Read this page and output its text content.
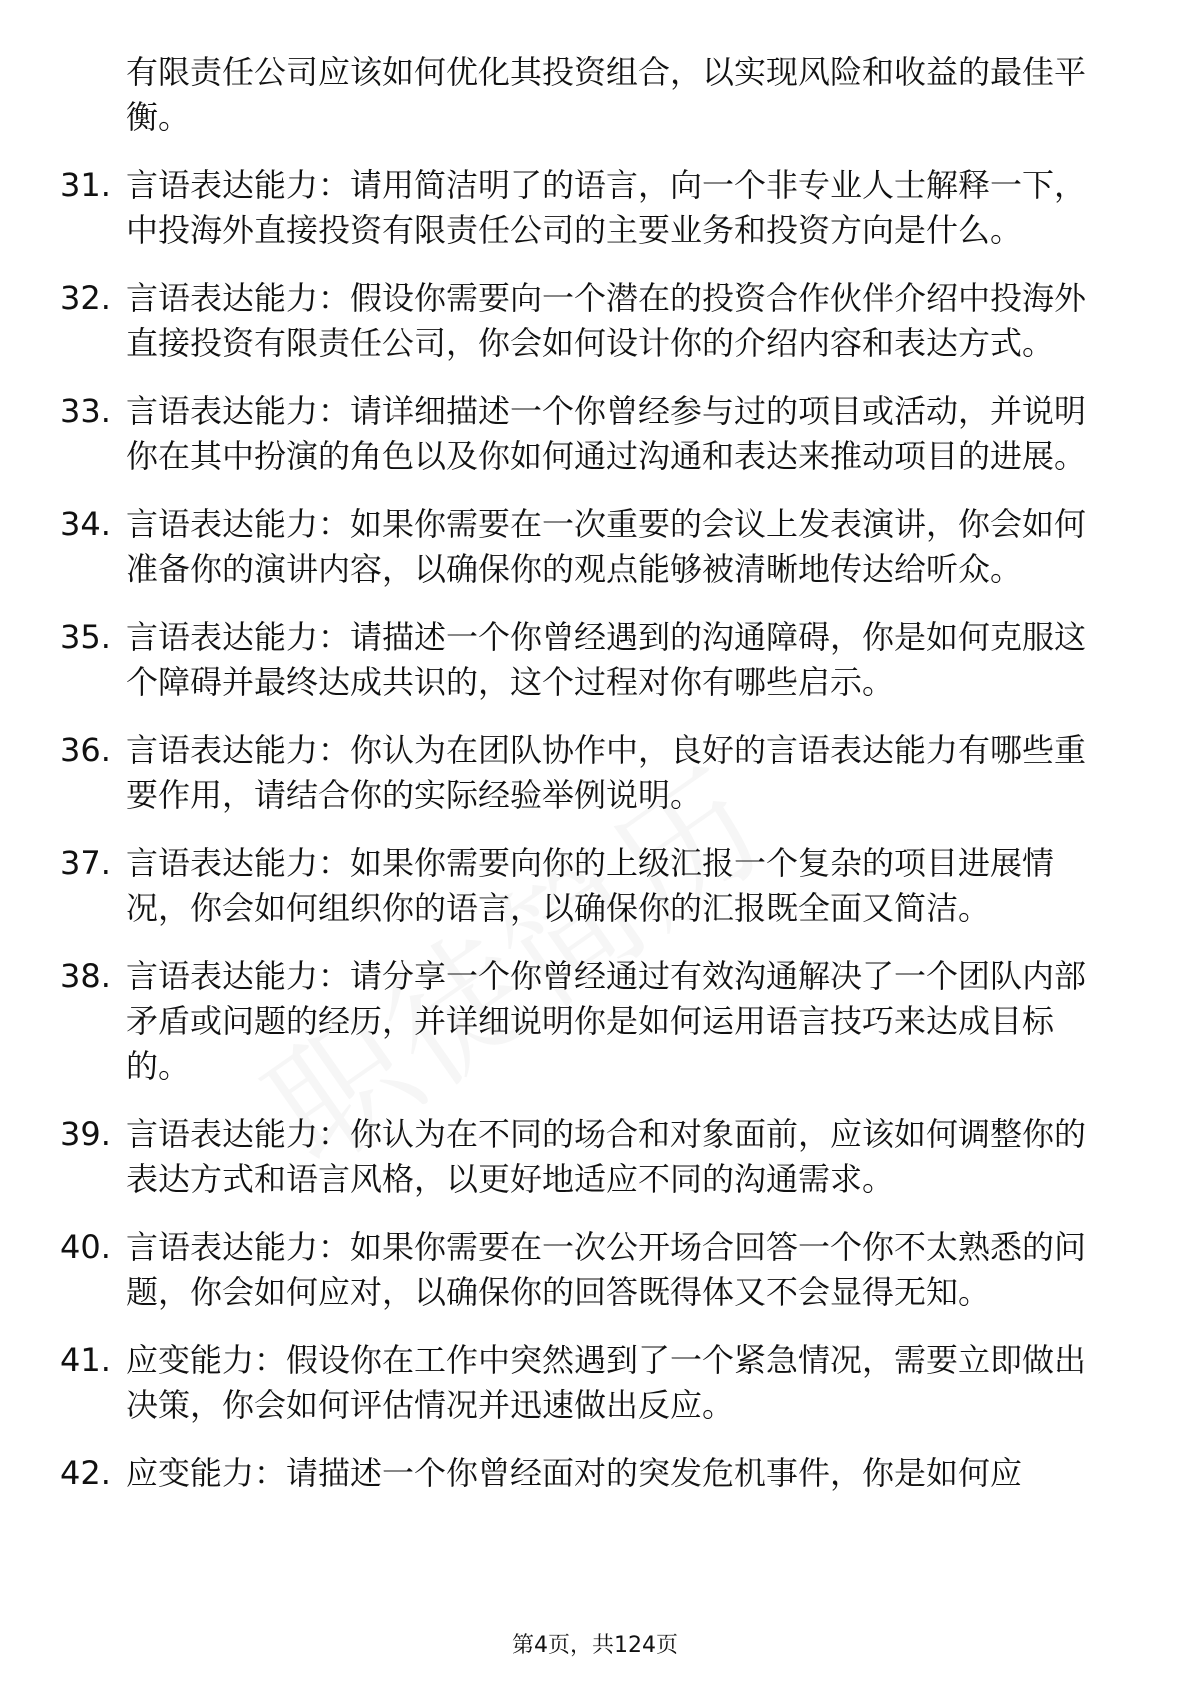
有限责任公司应该如何优化其投资组合，以实现风险和收益的最佳平衡。
31. 言语表达能力：请用简洁明了的语言，向一个非专业人士解释一下，中投海外直接投资有限责任公司的主要业务和投资方向是什么。
32. 言语表达能力：假设你需要向一个潜在的投资合作伙伴介绍中投海外直接投资有限责任公司，你会如何设计你的介绍内容和表达方式。
33. 言语表达能力：请详细描述一个你曾经参与过的项目或活动，并说明你在其中扮演的角色以及你如何通过沟通和表达来推动项目的进展。
34. 言语表达能力：如果你需要在一次重要的会议上发表演讲，你会如何准备你的演讲内容，以确保你的观点能够被清晰地传达给听众。
35. 言语表达能力：请描述一个你曾经遇到的沟通障碍，你是如何克服这个障碍并最终达成共识的，这个过程对你有哪些启示。
36. 言语表达能力：你认为在团队协作中，良好的言语表达能力有哪些重要作用，请结合你的实际经验举例说明。
37. 言语表达能力：如果你需要向你的上级汇报一个复杂的项目进展情况，你会如何组织你的语言，以确保你的汇报既全面又简洁。
38. 言语表达能力：请分享一个你曾经通过有效沟通解决了一个团队内部矛盾或问题的经历，并详细说明你是如何运用语言技巧来达成目标的。
39. 言语表达能力：你认为在不同的场合和对象面前，应该如何调整你的表达方式和语言风格，以更好地适应不同的沟通需求。
40. 言语表达能力：如果你需要在一次公开场合回答一个你不太熟悉的问题，你会如何应对，以确保你的回答既得体又不会显得无知。
41. 应变能力：假设你在工作中突然遇到了一个紧急情况，需要立即做出决策，你会如何评估情况并迅速做出反应。
42. 应变能力：请描述一个你曾经面对的突发危机事件，你是如何应
第4页，共124页
